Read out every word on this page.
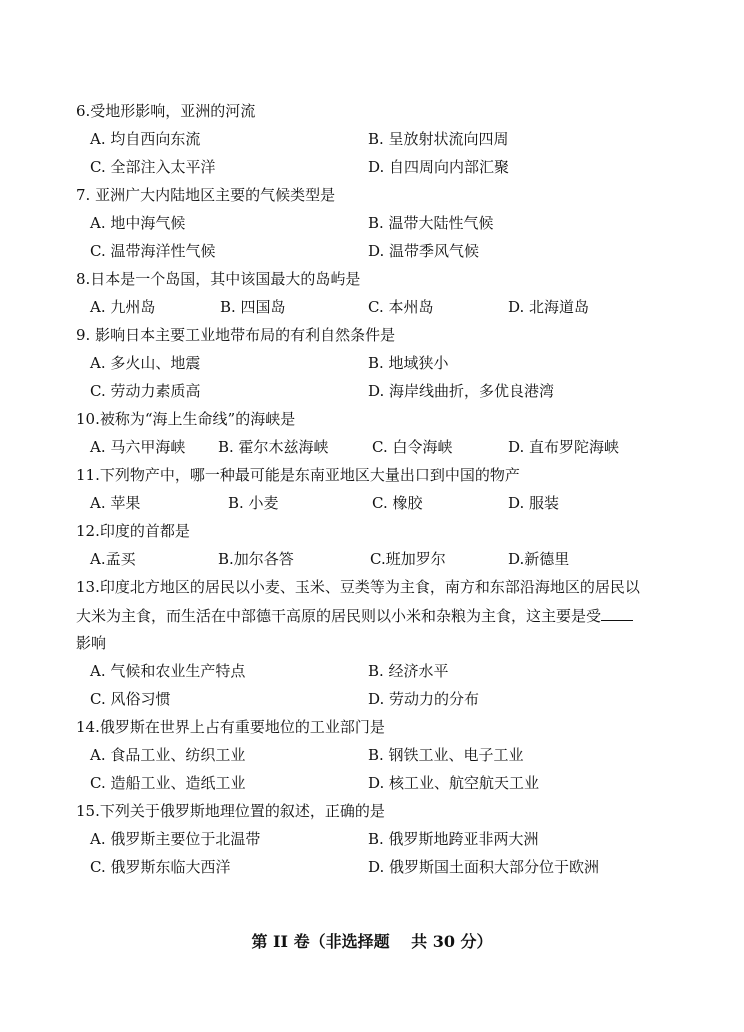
6.受地形影响，亚洲的河流
A. 均自西向东流	B. 呈放射状流向四周
C. 全部注入太平洋	D. 自四周向内部汇聚
7. 亚洲广大内陆地区主要的气候类型是
A. 地中海气候	B. 温带大陆性气候
C. 温带海洋性气候	D. 温带季风气候
8.日本是一个岛国，其中该国最大的岛屿是
A. 九州岛	B. 四国岛	C. 本州岛	D. 北海道岛
9. 影响日本主要工业地带布局的有利自然条件是
A. 多火山、地震	B. 地域狭小
C. 劳动力素质高	D. 海岸线曲折，多优良港湾
10.被称为“海上生命线”的海峡是
A. 马六甲海峡 B. 霍尔木兹海峡	C. 白令海峡	D. 直布罗陀海峡
11.下列物产中，哪一种最可能是东南亚地区大量出口到中国的物产
A. 苹果	B. 小麦	C. 橡胶	D. 服装
12.印度的首都是
A.孟买	B.加尔各答	C.班加罗尔	D.新德里
13.印度北方地区的居民以小麦、玉米、豆类等为主食，南方和东部沿海地区的居民以
大米为主食，而生活在中部德干高原的居民则以小米和杂粮为主食，这主要是受
影响
A. 气候和农业生产特点	B. 经济水平
C. 风俗习惯	D. 劳动力的分布
14.俄罗斯在世界上占有重要地位的工业部门是
A. 食品工业、纺织工业	B. 钢铁工业、电子工业
C. 造船工业、造纸工业	D. 核工业、航空航天工业
15.下列关于俄罗斯地理位置的叙述，正确的是
A. 俄罗斯主要位于北温带	B. 俄罗斯地跨亚非两大洲
C. 俄罗斯东临大西洋	D. 俄罗斯国土面积大部分位于欧洲
第 II 卷（非选择题　 共 30 分）
